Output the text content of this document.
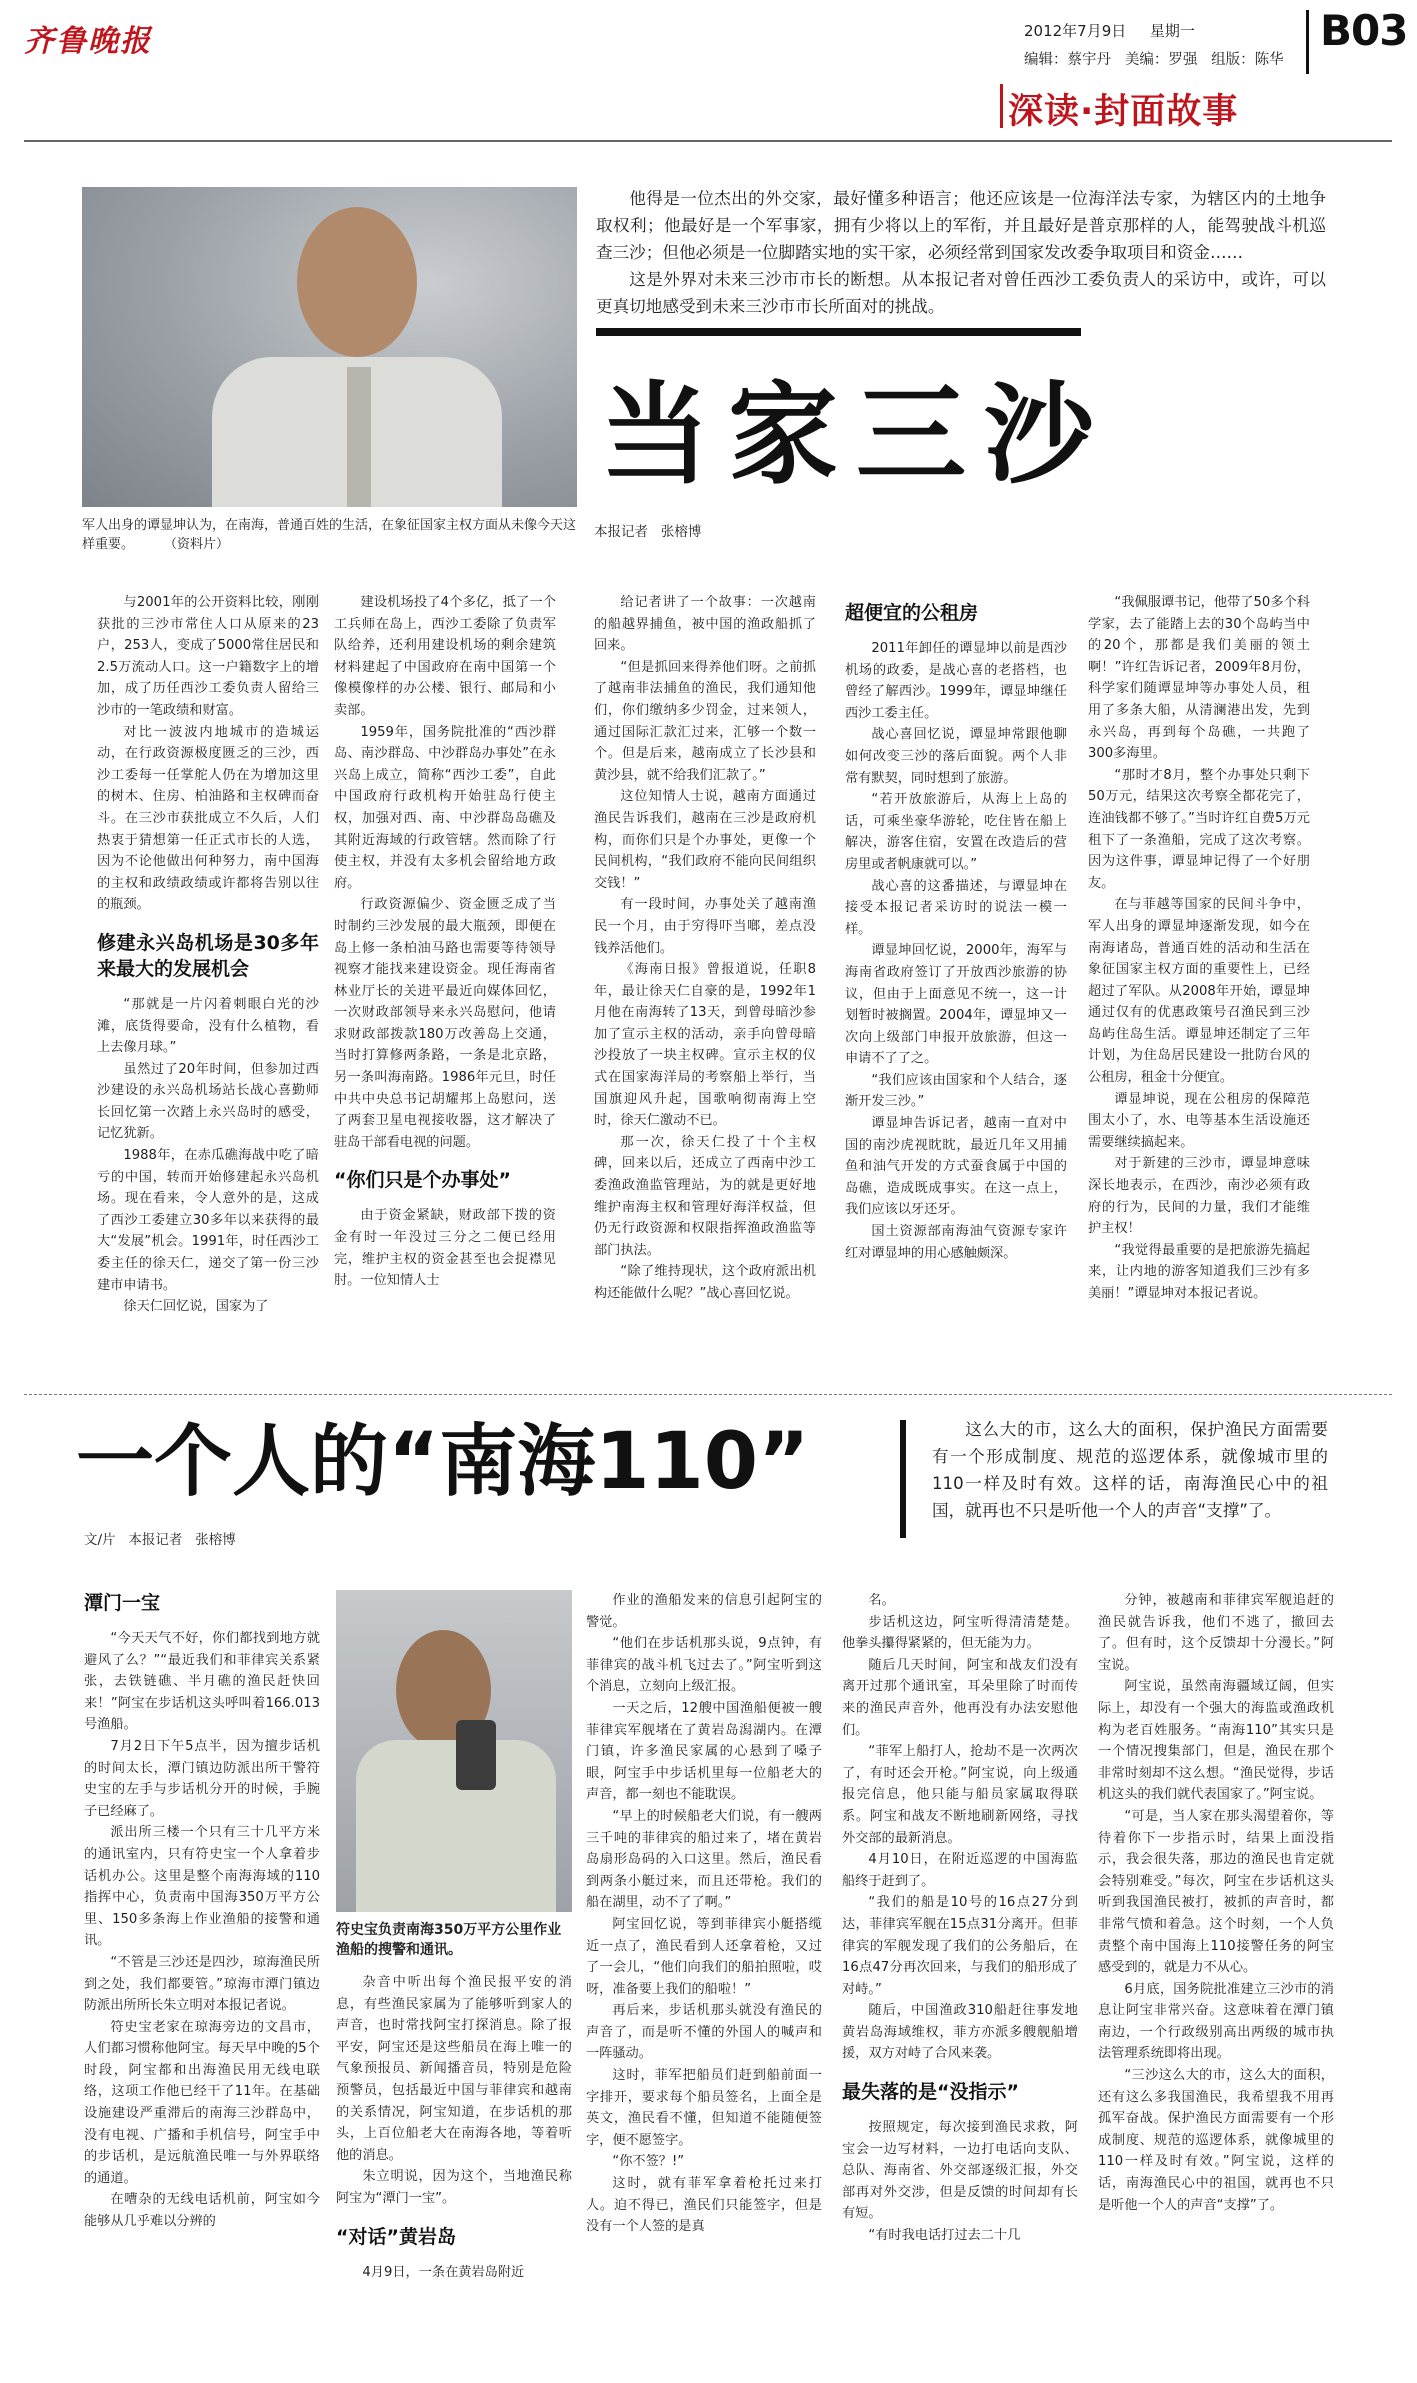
齐鲁晚报	2012年7月9日 星期一	B03
编辑：蔡宇丹   美编：罗强   组版：陈华
深读·封面故事
军人出身的谭显坤认为，在南海，普通百姓的生活，在象征国家主权方面从未像今天这样重要。 （资料片）

他得是一位杰出的外交家，最好懂多种语言；他还应该是一位海洋法专家，为辖区内的土地争取权利；他最好是一个军事家，拥有少将以上的军衔，并且最好是普京那样的人，能驾驶战斗机巡查三沙；但他必须是一位脚踏实地的实干家，必须经常到国家发改委争取项目和资金……

这是外界对未来三沙市市长的断想。从本报记者对曾任西沙工委负责人的采访中，或许，可以更真切地感受到未来三沙市市长所面对的挑战。

当家三沙
本报记者   张榕博

与2001年的公开资料比较，刚刚获批的三沙市常住人口从原来的23户，253人，变成了5000常住居民和2.5万流动人口。这一户籍数字上的增加，成了历任西沙工委负责人留给三沙市的一笔政绩和财富。

对比一波波内地城市的造城运动，在行政资源极度匮乏的三沙，西沙工委每一任掌舵人仍在为增加这里的树木、住房、柏油路和主权碑而奋斗。在三沙市获批成立不久后，人们热衷于猜想第一任正式市长的人选，因为不论他做出何种努力，南中国海的主权和政绩政绩或许都将告别以往的瓶颈。

修建永兴岛机场是30多年来最大的发展机会

“那就是一片闪着刺眼白光的沙滩，底货得要命，没有什么植物，看上去像月球。”

虽然过了20年时间，但参加过西沙建设的永兴岛机场站长战心喜勤师长回忆第一次踏上永兴岛时的感受，记忆犹新。

1988年，在赤瓜礁海战中吃了暗亏的中国，转而开始修建起永兴岛机场。现在看来，令人意外的是，这成了西沙工委建立30多年以来获得的最大“发展”机会。1991年，时任西沙工委主任的徐天仁，递交了第一份三沙建市申请书。

徐天仁回忆说，国家为了

建设机场投了4个多亿，抵了一个工兵师在岛上，西沙工委除了负责军队给养，还利用建设机场的剩余建筑材料建起了中国政府在南中国第一个像模像样的办公楼、银行、邮局和小卖部。

1959年，国务院批准的“西沙群岛、南沙群岛、中沙群岛办事处”在永兴岛上成立，简称“西沙工委”，自此中国政府行政机构开始驻岛行使主权，加强对西、南、中沙群岛岛礁及其附近海域的行政管辖。然而除了行使主权，并没有太多机会留给地方政府。

行政资源偏少、资金匮乏成了当时制约三沙发展的最大瓶颈，即便在岛上修一条柏油马路也需要等待领导视察才能找来建设资金。现任海南省林业厅长的关进平最近向媒体回忆，一次财政部领导来永兴岛慰问，他请求财政部拨款180万改善岛上交通，当时打算修两条路，一条是北京路，另一条叫海南路。1986年元旦，时任中共中央总书记胡耀邦上岛慰问，送了两套卫星电视接收器，这才解决了驻岛干部看电视的问题。

“你们只是个办事处”

由于资金紧缺，财政部下拨的资金有时一年没过三分之二便已经用完，维护主权的资金甚至也会捉襟见肘。一位知情人士

给记者讲了一个故事：一次越南的船越界捕鱼，被中国的渔政船抓了回来。

“但是抓回来得养他们呀。之前抓了越南非法捕鱼的渔民，我们通知他们，你们缴纳多少罚金，过来领人，通过国际汇款汇过来，汇够一个数一个。但是后来，越南成立了长沙县和黄沙县，就不给我们汇款了。”

这位知情人士说，越南方面通过渔民告诉我们，越南在三沙是政府机构，而你们只是个办事处，更像一个民间机构，“我们政府不能向民间组织交钱！”

有一段时间，办事处关了越南渔民一个月，由于穷得吓当啷，差点没钱养活他们。

《海南日报》曾报道说，任职8年，最让徐天仁自豪的是，1992年1月他在南海转了13天，到曾母暗沙参加了宣示主权的活动，亲手向曾母暗沙投放了一块主权碑。宣示主权的仪式在国家海洋局的考察船上举行，当国旗迎风升起，国歌响彻南海上空时，徐天仁激动不已。

那一次，徐天仁投了十个主权碑，回来以后，还成立了西南中沙工委渔政渔监管理站，为的就是更好地维护南海主权和管理好海洋权益，但仍无行政资源和权限指挥渔政渔监等部门执法。

“除了维持现状，这个政府派出机构还能做什么呢？”战心喜回忆说。

超便宜的公租房

2011年卸任的谭显坤以前是西沙机场的政委，是战心喜的老搭档，也曾经了解西沙。1999年，谭显坤继任西沙工委主任。

战心喜回忆说，谭显坤常跟他聊如何改变三沙的落后面貌。两个人非常有默契，同时想到了旅游。

“若开放旅游后，从海上上岛的话，可乘坐豪华游轮，吃住皆在船上解决，游客住宿，安置在改造后的营房里或者帆康就可以。”

战心喜的这番描述，与谭显坤在接受本报记者采访时的说法一模一样。

谭显坤回忆说，2000年，海军与海南省政府签订了开放西沙旅游的协议，但由于上面意见不统一，这一计划暂时被搁置。2004年，谭显坤又一次向上级部门申报开放旅游，但这一申请不了了之。

“我们应该由国家和个人结合，逐渐开发三沙。”

谭显坤告诉记者，越南一直对中国的南沙虎视眈眈，最近几年又用捕鱼和油气开发的方式蚕食属于中国的岛礁，造成既成事实。在这一点上，我们应该以牙还牙。

国土资源部南海油气资源专家许红对谭显坤的用心感触颇深。

“我佩服谭书记，他带了50多个科学家，去了能踏上去的30个岛屿当中的20个，那都是我们美丽的领土啊！”许红告诉记者，2009年8月份，科学家们随谭显坤等办事处人员，租用了多条大船，从清澜港出发，先到永兴岛，再到每个岛礁，一共跑了300多海里。

“那时才8月，整个办事处只剩下50万元，结果这次考察全都花完了，连油钱都不够了。”当时许红自费5万元租下了一条渔船，完成了这次考察。因为这件事，谭显坤记得了一个好朋友。

在与菲越等国家的民间斗争中，军人出身的谭显坤逐渐发现，如今在南海诸岛，普通百姓的活动和生活在象征国家主权方面的重要性上，已经超过了军队。从2008年开始，谭显坤通过仅有的优惠政策号召渔民到三沙岛屿住岛生活。谭显坤还制定了三年计划，为住岛居民建设一批防台风的公租房，租金十分便宜。

谭显坤说，现在公租房的保障范围太小了，水、电等基本生活设施还需要继续搞起来。

对于新建的三沙市，谭显坤意味深长地表示，在西沙，南沙必须有政府的行为，民间的力量，我们才能维护主权！

“我觉得最重要的是把旅游先搞起来，让内地的游客知道我们三沙有多美丽！”谭显坤对本报记者说。

一个人的“南海110”
文/片   本报记者   张榕博
这么大的市，这么大的面积，保护渔民方面需要有一个形成制度、规范的巡逻体系，就像城市里的110一样及时有效。这样的话，南海渔民心中的祖国，就再也不只是听他一个人的声音“支撑”了。
潭门一宝

“今天天气不好，你们都找到地方就避风了么？”“最近我们和菲律宾关系紧张，去铁链礁、半月礁的渔民赶快回来！”阿宝在步话机这头呼叫着166.013号渔船。

7月2日下午5点半，因为擅步话机的时间太长，潭门镇边防派出所干警符史宝的左手与步话机分开的时候，手腕子已经麻了。

派出所三楼一个只有三十几平方米的通讯室内，只有符史宝一个人拿着步话机办公。这里是整个南海海域的110指挥中心，负责南中国海350万平方公里、150多条海上作业渔船的接警和通讯。

“不管是三沙还是四沙，琼海渔民所到之处，我们都要管。”琼海市潭门镇边防派出所所长朱立明对本报记者说。

符史宝老家在琼海旁边的文昌市，人们都习惯称他阿宝。每天早中晚的5个时段，阿宝都和出海渔民用无线电联络，这项工作他已经干了11年。在基础设施建设严重滞后的南海三沙群岛中，没有电视、广播和手机信号，阿宝手中的步话机，是远航渔民唯一与外界联络的通道。

在嘈杂的无线电话机前，阿宝如今能够从几乎难以分辨的

符史宝负责南海350万平方公里作业渔船的搜警和通讯。

杂音中听出每个渔民报平安的消息，有些渔民家属为了能够听到家人的声音，也时常找阿宝打探消息。除了报平安，阿宝还是这些船员在海上唯一的气象预报员、新闻播音员，特别是危险预警员，包括最近中国与菲律宾和越南的关系情况，阿宝知道，在步话机的那头，上百位船老大在南海各地，等着听他的消息。

朱立明说，因为这个，当地渔民称阿宝为“潭门一宝”。

“对话”黄岩岛

4月9日，一条在黄岩岛附近

作业的渔船发来的信息引起阿宝的警觉。

“他们在步话机那头说，9点钟，有菲律宾的战斗机飞过去了。”阿宝听到这个消息，立刻向上级汇报。

一天之后，12艘中国渔船便被一艘菲律宾军舰堵在了黄岩岛潟湖内。在潭门镇，许多渔民家属的心悬到了嗓子眼，阿宝手中步话机里每一位船老大的声音，都一刻也不能耽误。

“早上的时候船老大们说，有一艘两三千吨的菲律宾的船过来了，堵在黄岩岛扇形岛码的入口这里。然后，渔民看到两条小艇过来，而且还带枪。我们的船在湖里，动不了了啊。”

阿宝回忆说，等到菲律宾小艇搭缆近一点了，渔民看到人还拿着枪，又过了一会儿，“他们向我们的船拍照啦，哎呀，准备要上我们的船啦！”

再后来，步话机那头就没有渔民的声音了，而是听不懂的外国人的喊声和一阵骚动。

这时，菲军把船员们赶到船前面一字排开，要求每个船员签名，上面全是英文，渔民看不懂，但知道不能随便签字，便不愿签字。

“你不签？!”

这时，就有菲军拿着枪托过来打人。迫不得已，渔民们只能签字，但是没有一个人签的是真

名。

步话机这边，阿宝听得清清楚楚。他拳头攥得紧紧的，但无能为力。

随后几天时间，阿宝和战友们没有离开过那个通讯室，耳朵里除了时而传来的渔民声音外，他再没有办法安慰他们。

“菲军上船打人，抢劫不是一次两次了，有时还会开枪。”阿宝说，向上级通报完信息，他只能与船员家属取得联系。阿宝和战友不断地刷新网络，寻找外交部的最新消息。

4月10日，在附近巡逻的中国海监船终于赶到了。

“我们的船是10号的16点27分到达，菲律宾军舰在15点31分离开。但菲律宾的军舰发现了我们的公务船后，在16点47分再次回来，与我们的船形成了对峙。”

随后，中国渔政310船赶往事发地黄岩岛海域维权，菲方亦派多艘舰船增援，双方对峙了合风来袭。

最失落的是“没指示”

按照规定，每次接到渔民求救，阿宝会一边写材料，一边打电话向支队、总队、海南省、外交部逐级汇报，外交部再对外交涉，但是反馈的时间却有长有短。

“有时我电话打过去二十几

分钟，被越南和菲律宾军舰追赶的渔民就告诉我，他们不逃了，撤回去了。但有时，这个反馈却十分漫长。”阿宝说。

阿宝说，虽然南海疆域辽阔，但实际上，却没有一个强大的海监或渔政机构为老百姓服务。“南海110”其实只是一个情况搜集部门，但是，渔民在那个非常时刻却不这么想。“渔民觉得，步话机这头的我们就代表国家了。”阿宝说。

“可是，当人家在那头渴望着你，等待着你下一步指示时，结果上面没指示，我会很失落，那边的渔民也肯定就会特别难受。”每次，阿宝在步话机这头听到我国渔民被打，被抓的声音时，都非常气愤和着急。这个时刻，一个人负责整个南中国海上110接警任务的阿宝感受到的，就是力不从心。

6月底，国务院批准建立三沙市的消息让阿宝非常兴奋。这意味着在潭门镇南边，一个行政级别高出两级的城市执法管理系统即将出现。

“三沙这么大的市，这么大的面积，还有这么多我国渔民，我希望我不用再孤军奋战。保护渔民方面需要有一个形成制度、规范的巡逻体系，就像城里的110一样及时有效。”阿宝说，这样的话，南海渔民心中的祖国，就再也不只是听他一个人的声音“支撑”了。
